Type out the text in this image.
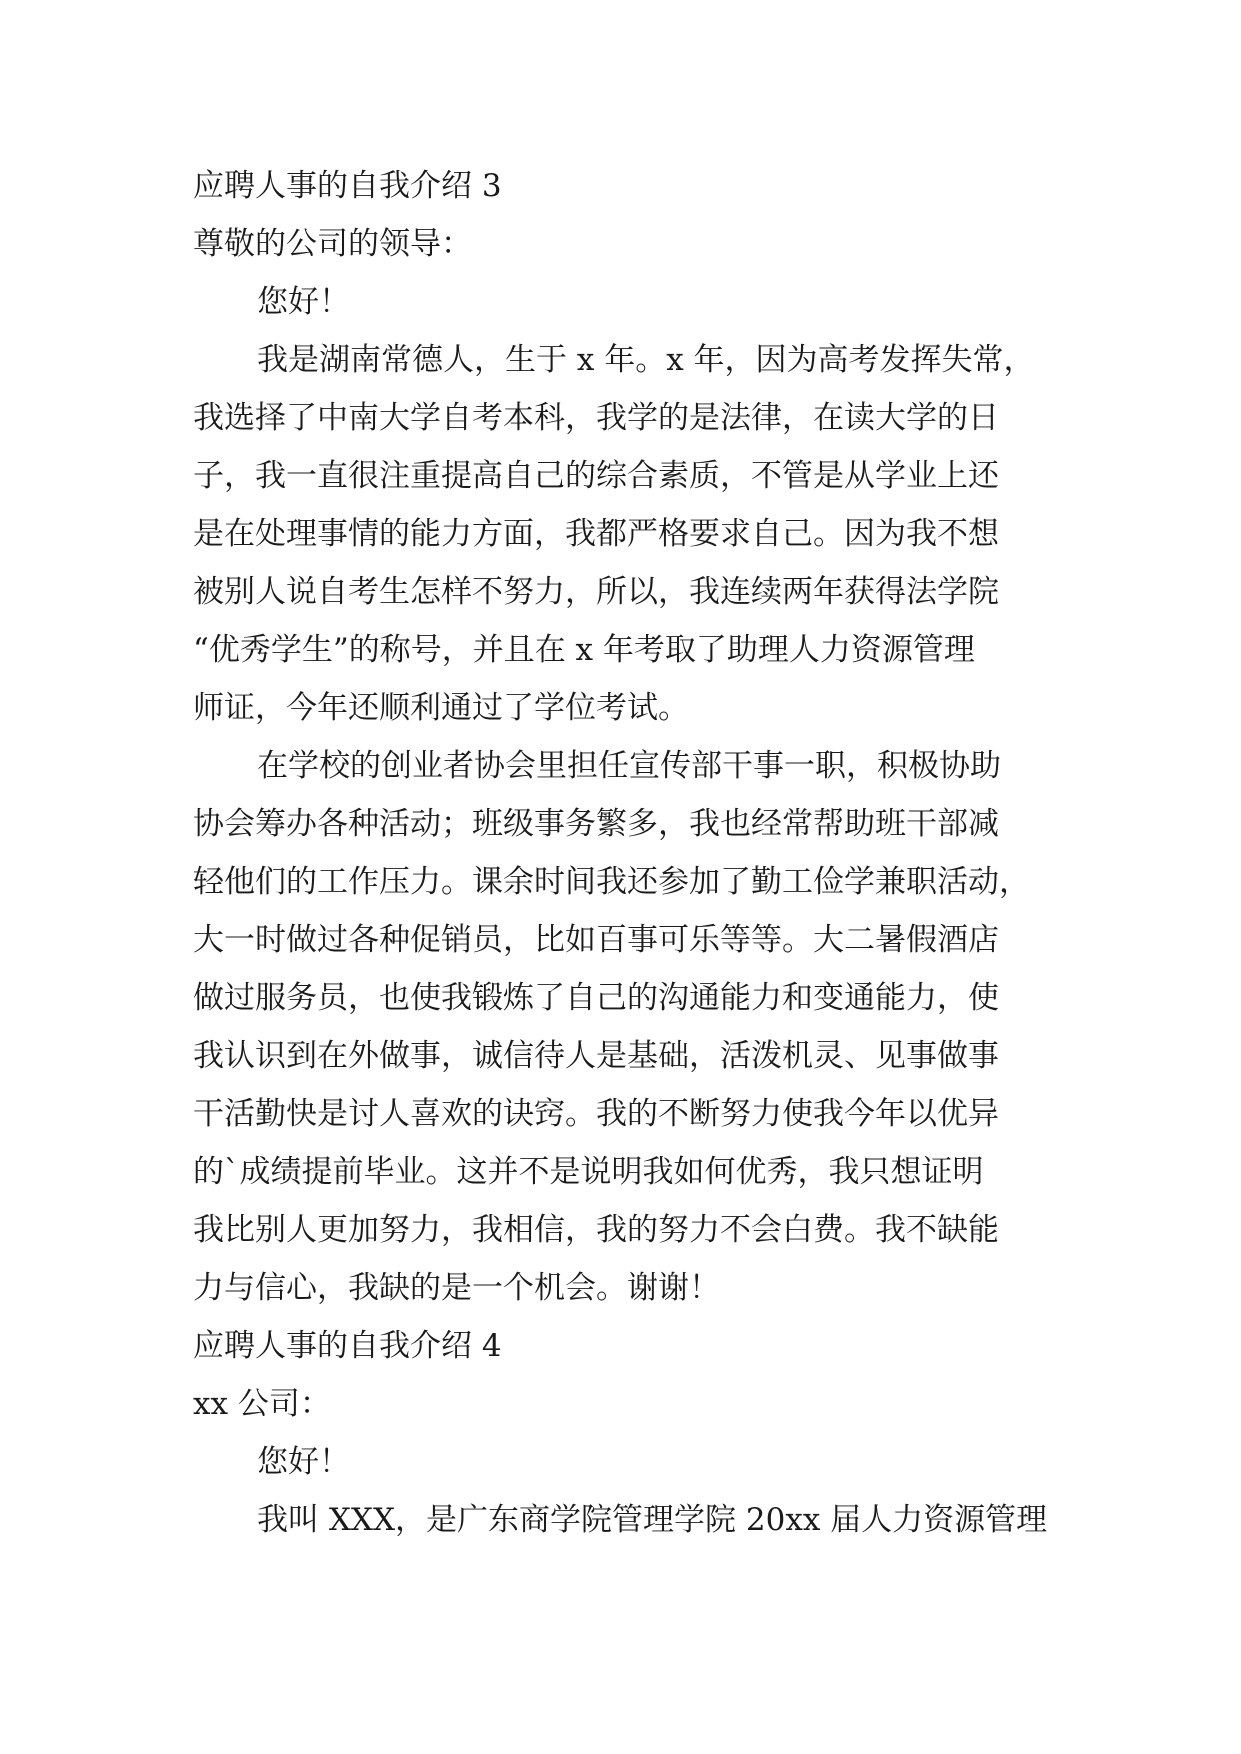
应聘人事的自我介绍 3
尊敬的公司的领导：
您好！
我是湖南常德人，生于 x 年。x 年，因为高考发挥失常，
我选择了中南大学自考本科，我学的是法律，在读大学的日
子，我一直很注重提高自己的综合素质，不管是从学业上还
是在处理事情的能力方面，我都严格要求自己。因为我不想
被别人说自考生怎样不努力，所以，我连续两年获得法学院
“优秀学生”的称号，并且在 x 年考取了助理人力资源管理
师证，今年还顺利通过了学位考试。
在学校的创业者协会里担任宣传部干事一职，积极协助
协会筹办各种活动；班级事务繁多，我也经常帮助班干部减
轻他们的工作压力。课余时间我还参加了勤工俭学兼职活动，
大一时做过各种促销员，比如百事可乐等等。大二暑假酒店
做过服务员，也使我锻炼了自己的沟通能力和变通能力，使
我认识到在外做事，诚信待人是基础，活泼机灵、见事做事
干活勤快是讨人喜欢的诀窍。我的不断努力使我今年以优异
的`成绩提前毕业。这并不是说明我如何优秀，我只想证明
我比别人更加努力，我相信，我的努力不会白费。我不缺能
力与信心，我缺的是一个机会。谢谢！
应聘人事的自我介绍 4
xx 公司：
您好！
我叫 XXX，是广东商学院管理学院 20xx 届人力资源管理
